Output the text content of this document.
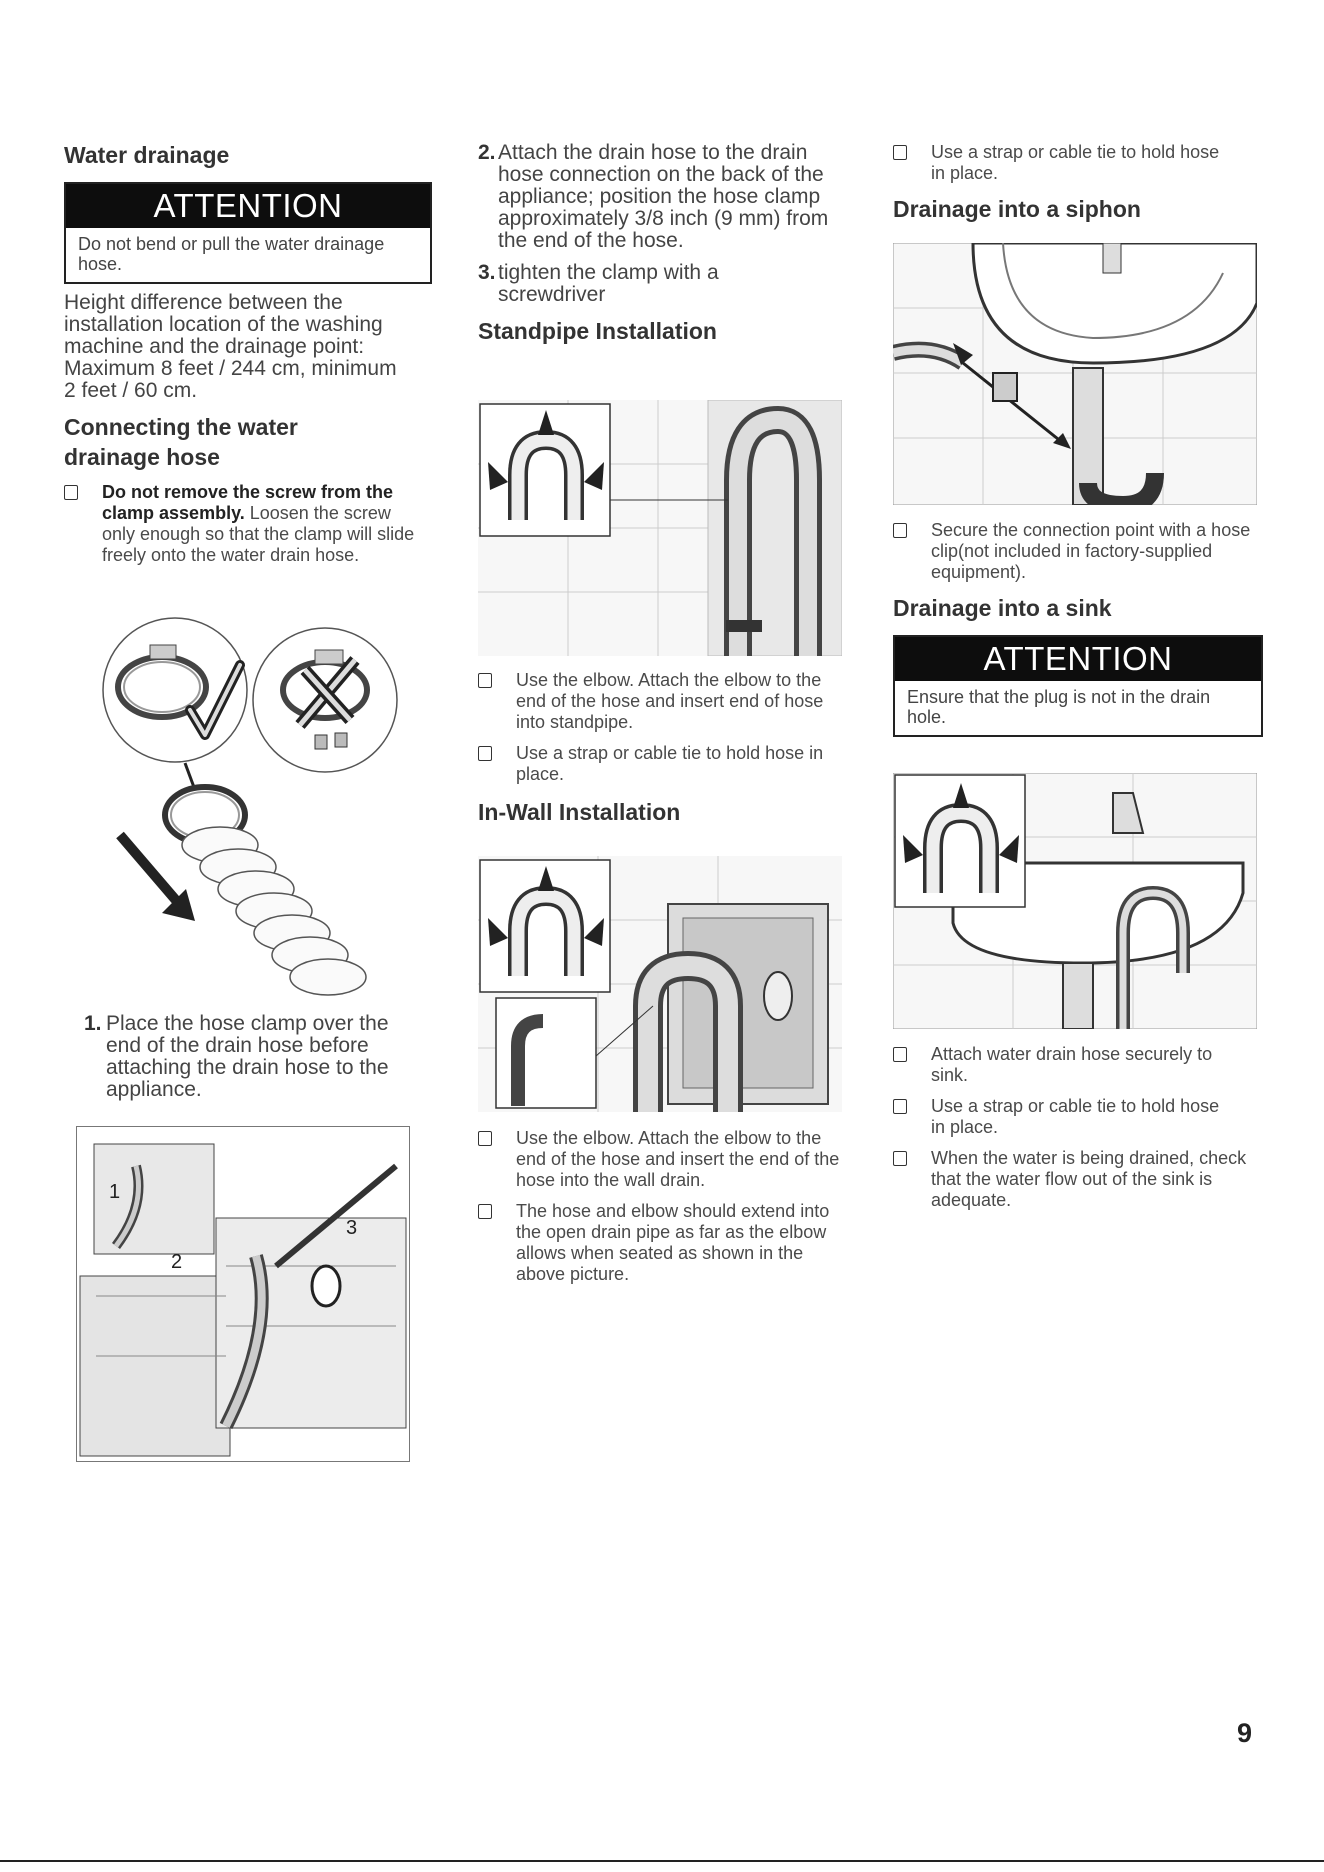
Water drainage
ATTENTION
Do not bend or pull the water drainage hose.

Height difference between the installation location of the washing machine and the drainage point: Maximum 8 feet / 244 cm, minimum 2 feet / 60 cm.

Connecting the water drainage hose
Do not remove the screw from the clamp assembly. Loosen the screw only enough so that the clamp will slide freely onto the water drain hose.
1. Place the hose clamp over the end of the drain hose before attaching the drain hose to the appliance.
1
2
3
2. Attach the drain hose to the drain hose connection on the back of the appliance; position the hose clamp approximately 3/8 inch (9 mm) from the end of the hose.
3. tighten the clamp with a screwdriver
Standpipe Installation
Use the elbow. Attach the elbow to the end of the hose and insert end of hose into standpipe.
Use a strap or cable tie to hold hose in place.
In-Wall Installation
Use the elbow. Attach the elbow to the end of the hose and insert the end of the hose into the wall drain.
The hose and elbow should extend into the open drain pipe as far as the elbow allows when seated as shown in the above picture.
Use a strap or cable tie to hold hose in place.
Drainage into a siphon
Secure the connection point with a hose clip(not included in factory-supplied equipment).
Drainage into a sink
ATTENTION
Ensure that the plug is not in the drain hole.
Attach water drain hose securely to sink.
Use a strap or cable tie to hold hose in place.
When the water is being drained, check that the water flow out of the sink is adequate.
9
